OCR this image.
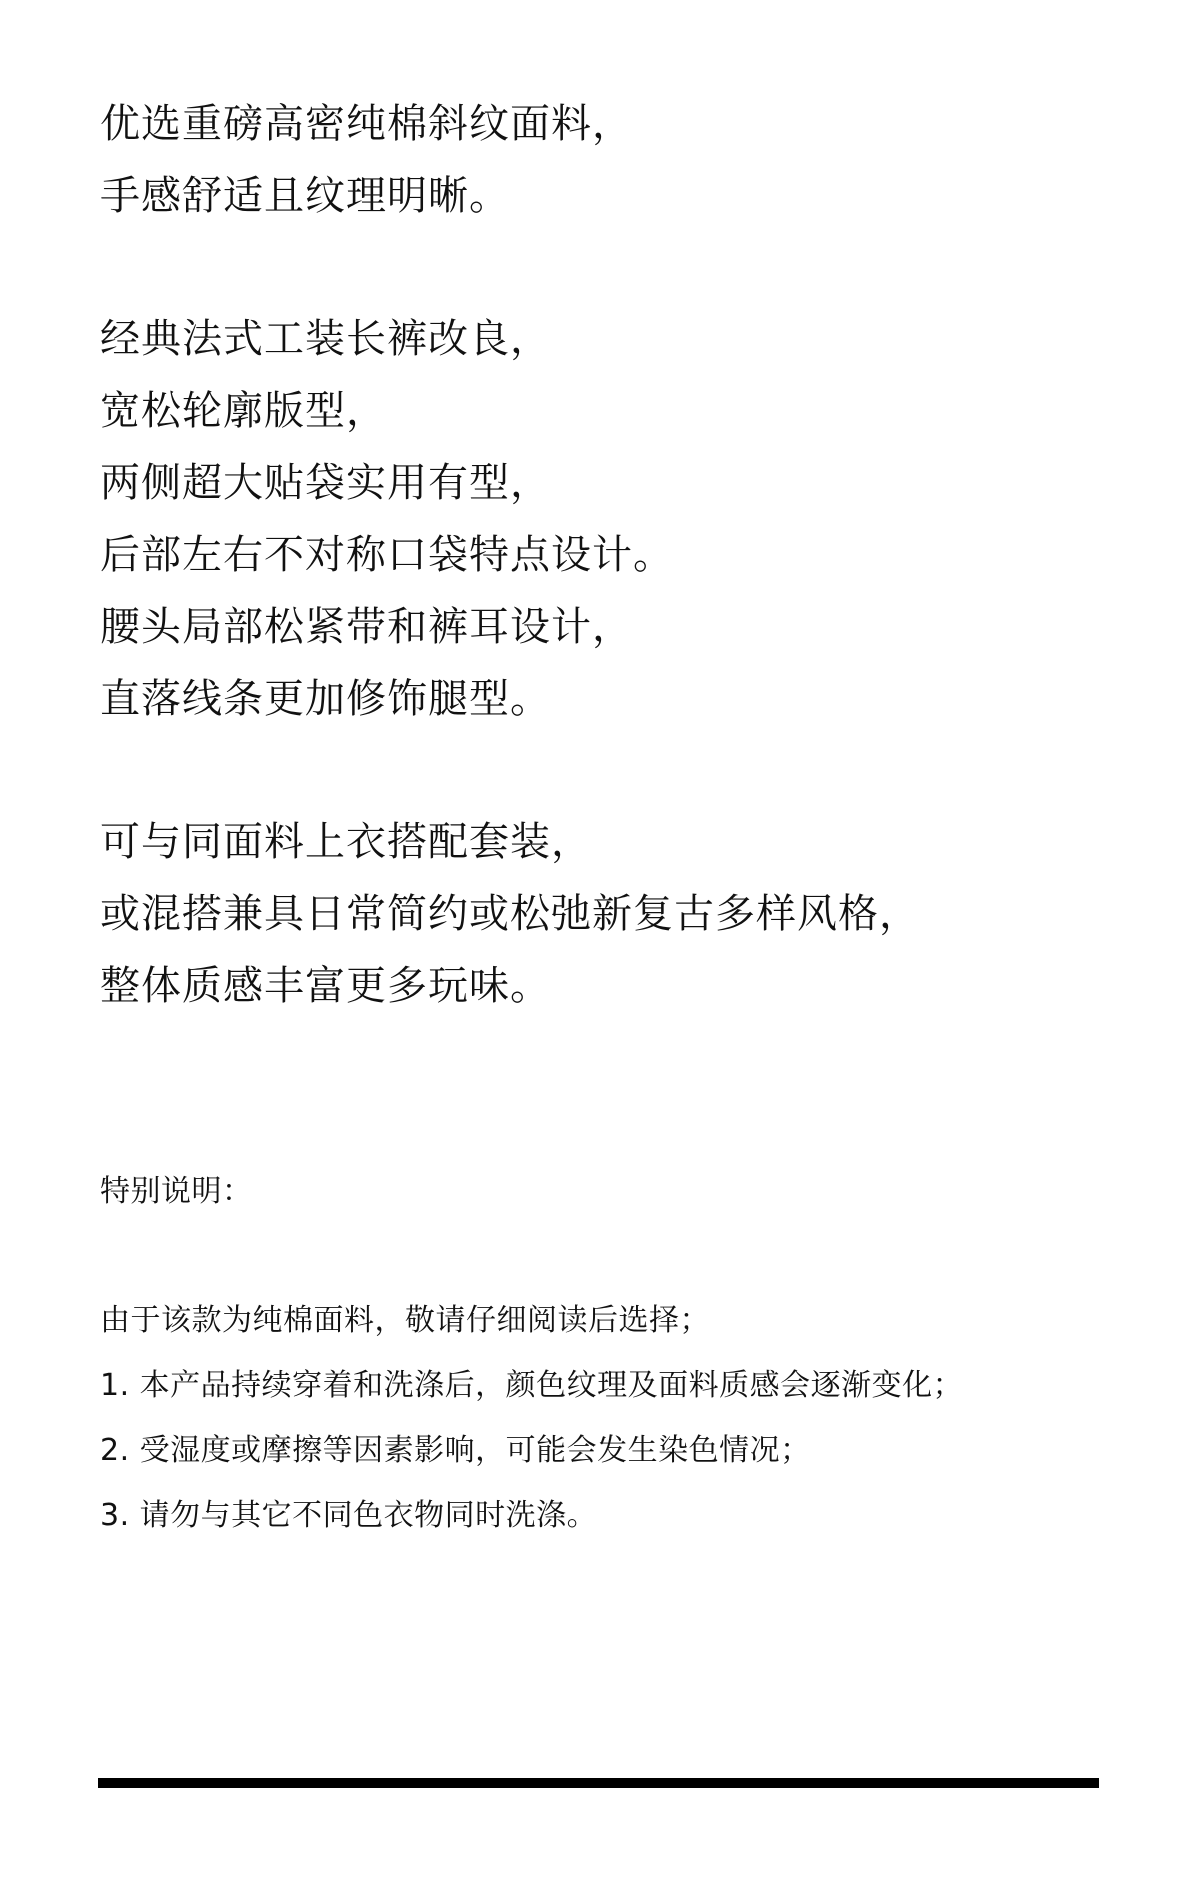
优选重磅高密纯棉斜纹面料，

手感舒适且纹理明晰。

经典法式工装长裤改良，

宽松轮廓版型，

两侧超大贴袋实用有型，

后部左右不对称口袋特点设计。

腰头局部松紧带和裤耳设计，

直落线条更加修饰腿型。

可与同面料上衣搭配套装，

或混搭兼具日常简约或松弛新复古多样风格，

整体质感丰富更多玩味。

特别说明：

由于该款为纯棉面料，敬请仔细阅读后选择；

1. 本产品持续穿着和洗涤后，颜色纹理及面料质感会逐渐变化；

2. 受湿度或摩擦等因素影响，可能会发生染色情况；

3. 请勿与其它不同色衣物同时洗涤。
